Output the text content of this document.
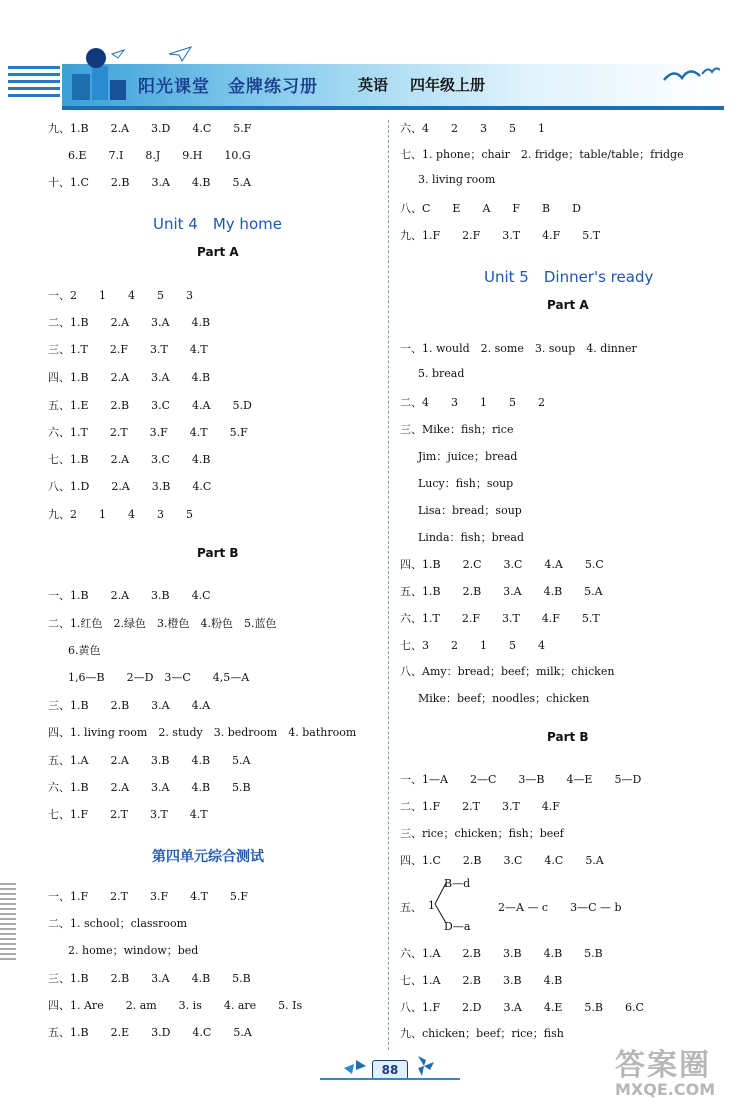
阳光课堂　金牌练习册	英语 四年级上册
九、1.B　　2.A　　3.D　　4.C　　5.F
6.E　　7.I　　8.J　　9.H　　10.G
十、1.C　　2.B　　3.A　　4.B　　5.A
Unit 4　My home
Part A
一、2　　1　　4　　5　　3
二、1.B　　2.A　　3.A　　4.B
三、1.T　　2.F　　3.T　　4.T
四、1.B　　2.A　　3.A　　4.B
五、1.E　　2.B　　3.C　　4.A　　5.D
六、1.T　　2.T　　3.F　　4.T　　5.F
七、1.B　　2.A　　3.C　　4.B
八、1.D　　2.A　　3.B　　4.C
九、2　　1　　4　　3　　5
Part B
一、1.B　　2.A　　3.B　　4.C
二、1.红色　2.绿色　3.橙色　4.粉色　5.蓝色
6.黄色
1,6—B　　2—D　3—C　　4,5—A
三、1.B　　2.B　　3.A　　4.A
四、1. living room　2. study　3. bedroom　4. bathroom
五、1.A　　2.A　　3.B　　4.B　　5.A
六、1.B　　2.A　　3.A　　4.B　　5.B
七、1.F　　2.T　　3.T　　4.T
第四单元综合测试
一、1.F　　2.T　　3.F　　4.T　　5.F
二、1. school；classroom
2. home；window；bed
三、1.B　　2.B　　3.A　　4.B　　5.B
四、1. Are　　2. am　　3. is　　4. are　　5. Is
五、1.B　　2.E　　3.D　　4.C　　5.A
六、4　　2　　3　　5　　1
七、1. phone；chair　2. fridge；table/table；fridge
3. living room
八、C　　E　　A　　F　　B　　D
九、1.F　　2.F　　3.T　　4.F　　5.T
Unit 5　Dinner's ready
Part A
一、1. would　2. some　3. soup　4. dinner
5. bread
二、4　　3　　1　　5　　2
三、Mike：fish；rice
Jim：juice；bread
Lucy：fish；soup
Lisa：bread；soup
Linda：fish；bread
四、1.B　　2.C　　3.C　　4.A　　5.C
五、1.B　　2.B　　3.A　　4.B　　5.A
六、1.T　　2.F　　3.T　　4.F　　5.T
七、3　　2　　1　　5　　4
八、Amy：bread；beef；milk；chicken
Mike：beef；noodles；chicken
Part B
一、1—A　　2—C　　3—B　　4—E　　5—D
二、1.F　　2.T　　3.T　　4.F
三、rice；chicken；fish；beef
四、1.C　　2.B　　3.C　　4.C　　5.A
五、 1
B—d
D—a
2—A — c　　3—C — b
六、1.A　　2.B　　3.B　　4.B　　5.B
七、1.A　　2.B　　3.B　　4.B
八、1.F　　2.D　　3.A　　4.E　　5.B　　6.C
九、chicken；beef；rice；fish
88	答案圈
MXQE.COM
